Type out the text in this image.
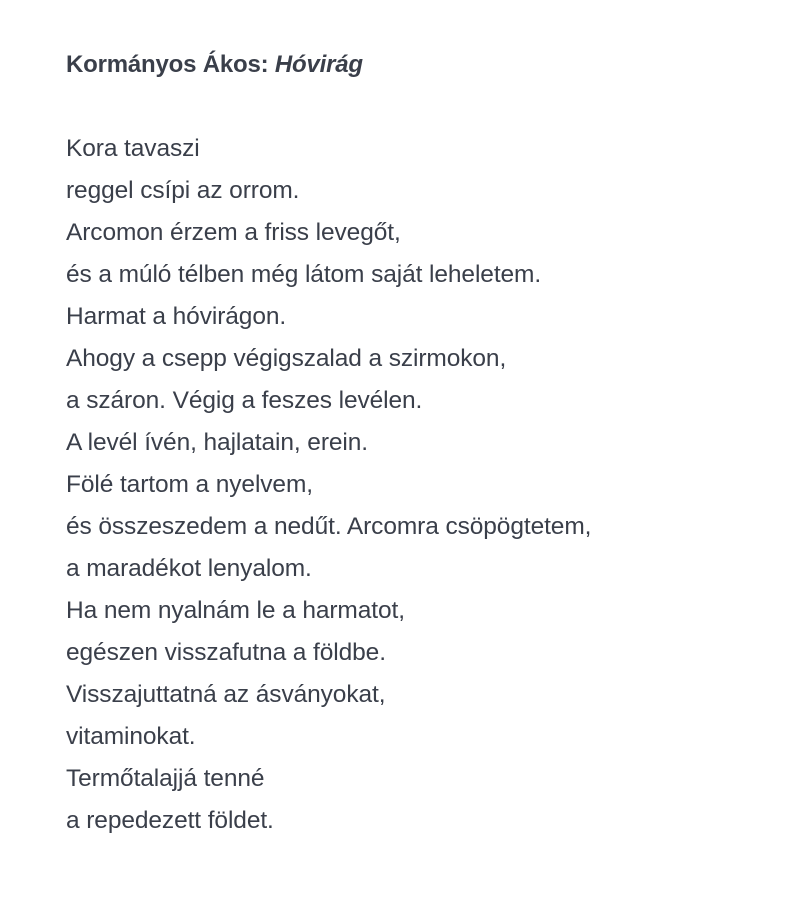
Kormányos Ákos: Hóvirág
Kora tavaszi
reggel csípi az orrom.
Arcomon érzem a friss levegőt,
és a múló télben még látom saját leheletem.
Harmat a hóvirágon.
Ahogy a csepp végigszalad a szirmokon,
a száron. Végig a feszes levélen.
A levél ívén, hajlatain, erein.
Fölé tartom a nyelvem,
és összeszedem a nedűt. Arcomra csöpögtetem,
a maradékot lenyalom.
Ha nem nyalnám le a harmatot,
egészen visszafutna a földbe.
Visszajuttatná az ásványokat,
vitaminokat.
Termőtalajjá tenné
a repedezett földet.
